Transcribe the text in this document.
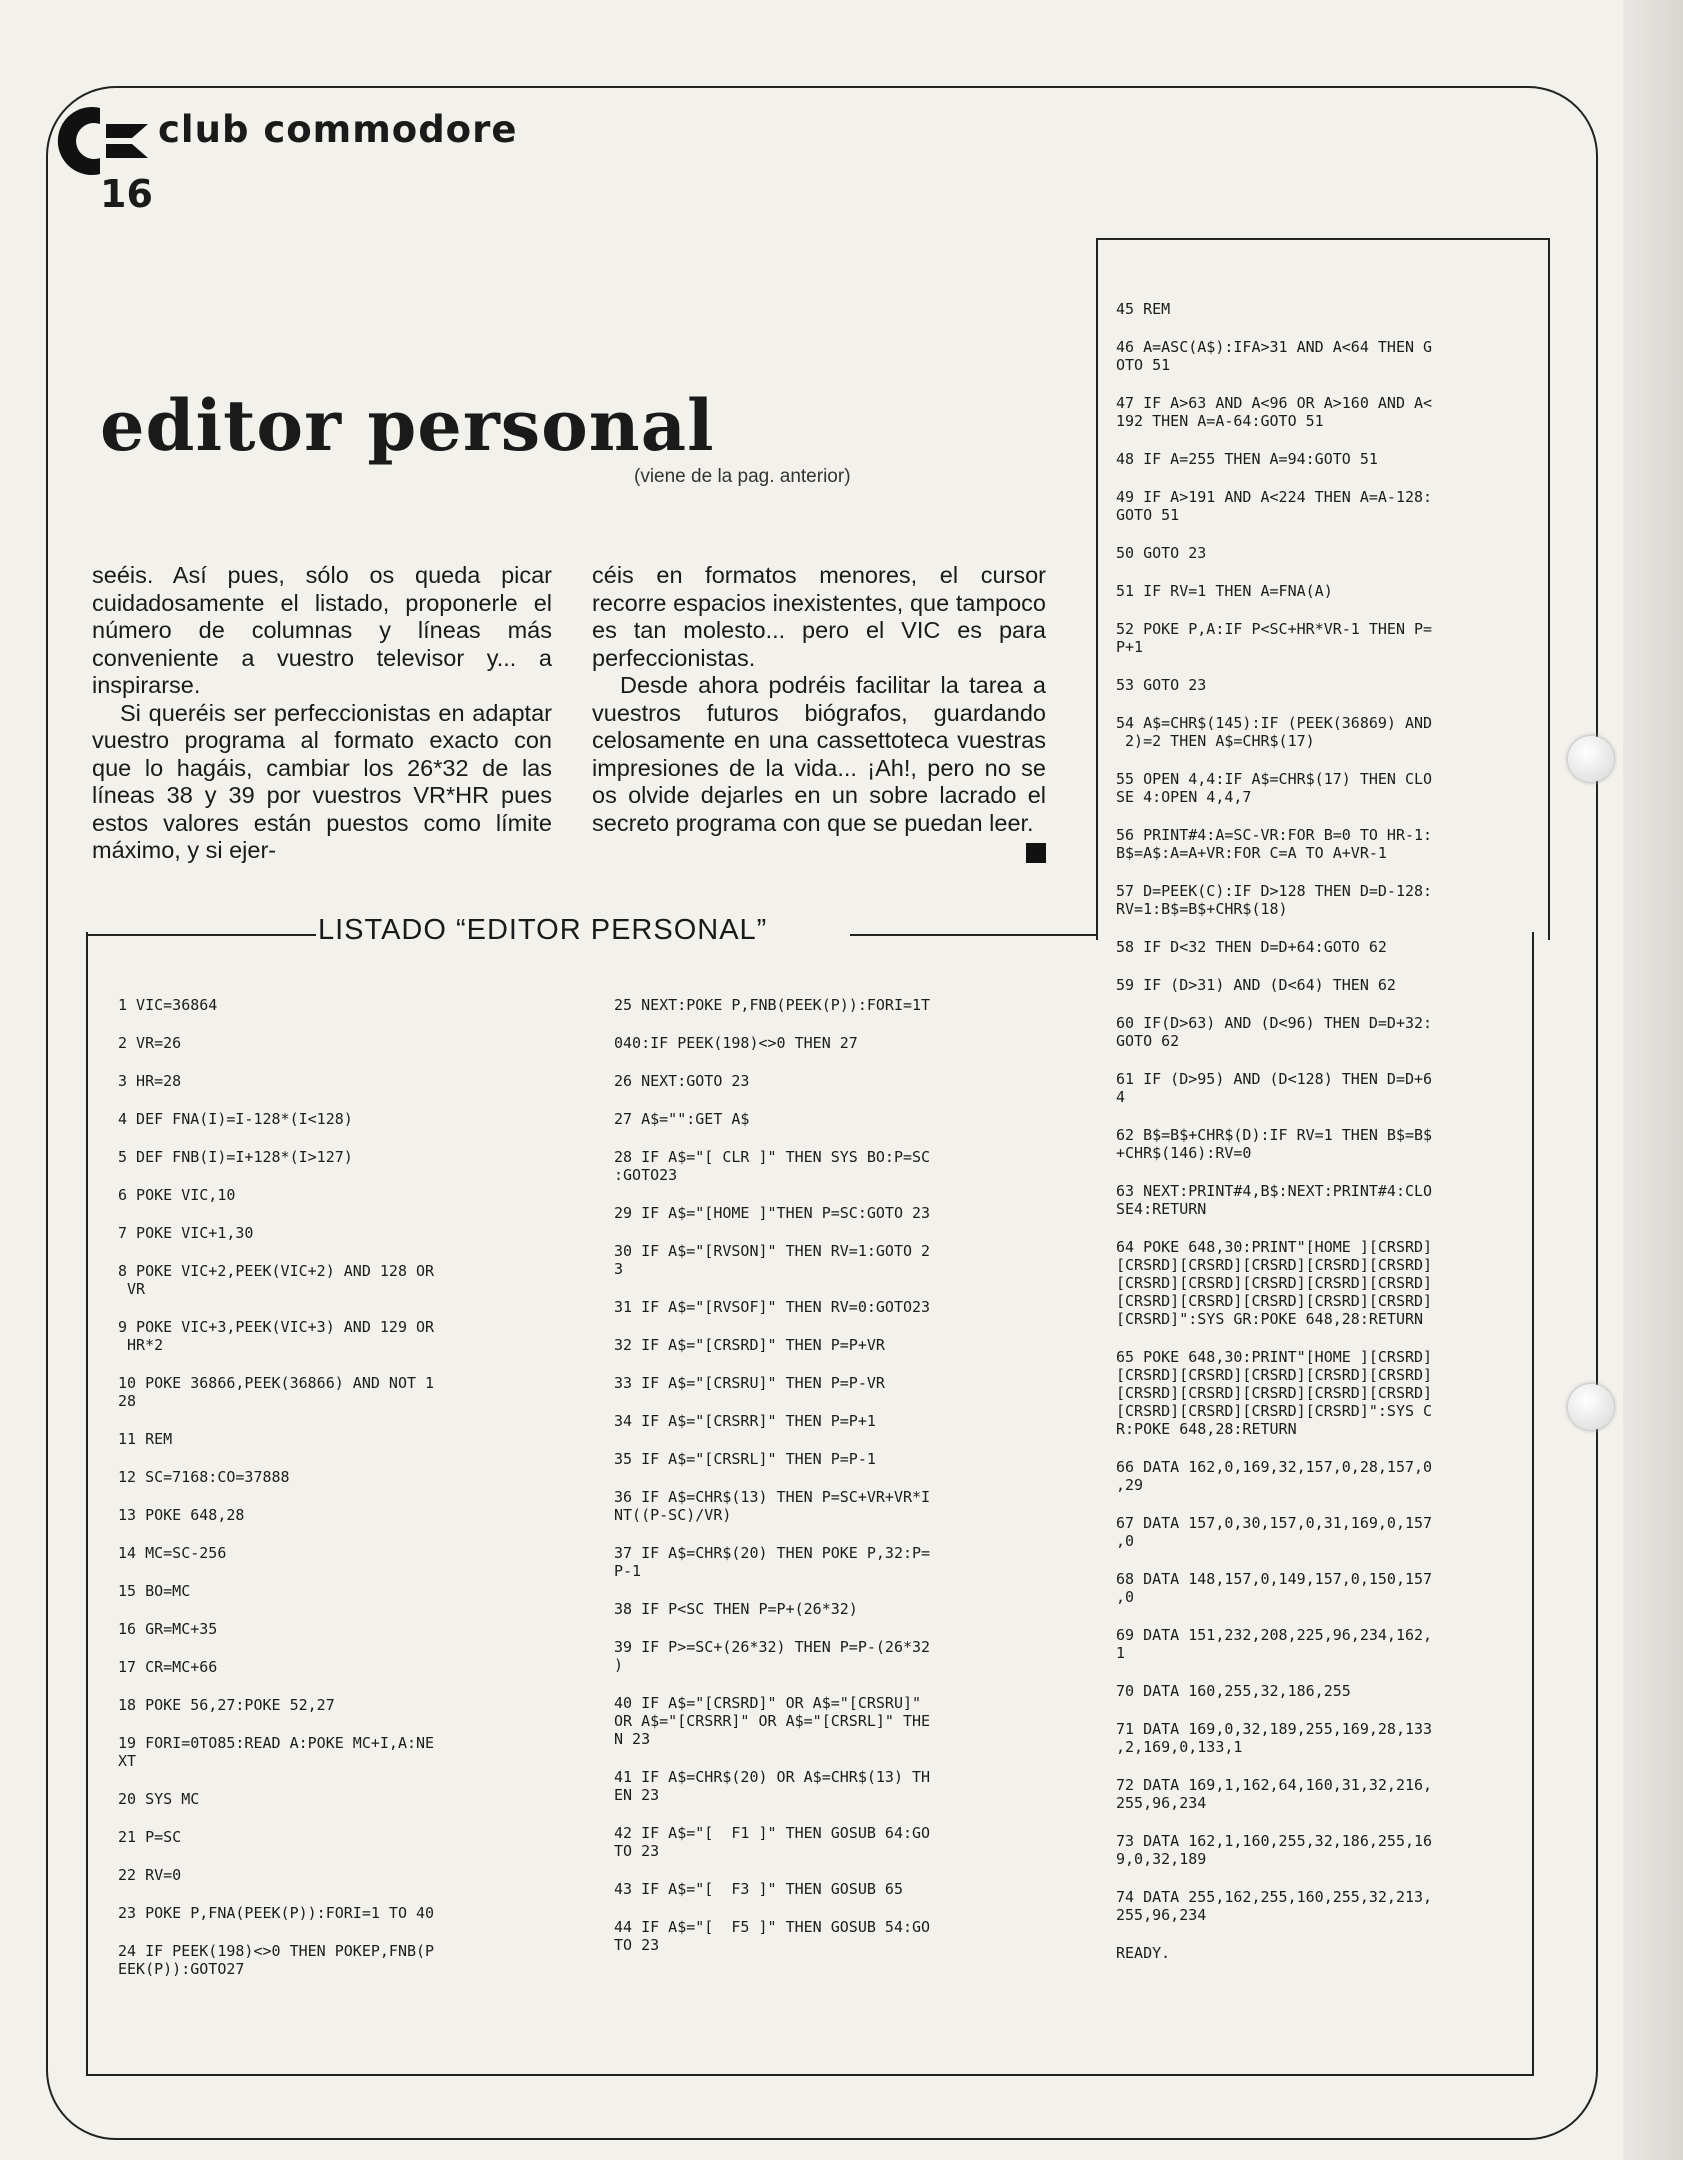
club commodore
16
editor personal
(viene de la pag. anterior)

seéis. Así pues, sólo os queda picar cuidadosamente el listado, proponerle el número de columnas y líneas más conveniente a vuestro televisor y... a inspirarse.

Si queréis ser perfeccionistas en adaptar vuestro programa al formato exacto con que lo hagáis, cambiar los 26*32 de las líneas 38 y 39 por vuestros VR*HR pues estos valores están puestos como límite máximo, y si ejer-

céis en formatos menores, el cursor recorre espacios inexistentes, que tampoco es tan molesto... pero el VIC es para perfeccionistas.

Desde ahora podréis facilitar la tarea a vuestros futuros biógrafos, guardando celosamente en una cassettoteca vuestras impresiones de la vida... ¡Ah!, pero no se os olvide dejarles en un sobre lacrado el secreto programa con que se puedan leer.

LISTADO “EDITOR PERSONAL”
1 VIC=36864
2 VR=26
3 HR=28
4 DEF FNA(I)=I-128*(I<128)
5 DEF FNB(I)=I+128*(I>127)
6 POKE VIC,10
7 POKE VIC+1,30
8 POKE VIC+2,PEEK(VIC+2) AND 128 OR
VR
9 POKE VIC+3,PEEK(VIC+3) AND 129 OR
HR*2
10 POKE 36866,PEEK(36866) AND NOT 1
28
11 REM
12 SC=7168:CO=37888
13 POKE 648,28
14 MC=SC-256
15 BO=MC
16 GR=MC+35
17 CR=MC+66
18 POKE 56,27:POKE 52,27
19 FORI=0TO85:READ A:POKE MC+I,A:NE
XT
20 SYS MC
21 P=SC
22 RV=0
23 POKE P,FNA(PEEK(P)):FORI=1 TO 40
24 IF PEEK(198)<>0 THEN POKEP,FNB(P
EEK(P)):GOTO27
25 NEXT:POKE P,FNB(PEEK(P)):FORI=1T
040:IF PEEK(198)<>0 THEN 27
26 NEXT:GOTO 23
27 A$="":GET A$
28 IF A$="[ CLR ]" THEN SYS BO:P=SC
:GOTO23
29 IF A$="[HOME ]"THEN P=SC:GOTO 23
30 IF A$="[RVSON]" THEN RV=1:GOTO 2
3
31 IF A$="[RVSOF]" THEN RV=0:GOTO23
32 IF A$="[CRSRD]" THEN P=P+VR
33 IF A$="[CRSRU]" THEN P=P-VR
34 IF A$="[CRSRR]" THEN P=P+1
35 IF A$="[CRSRL]" THEN P=P-1
36 IF A$=CHR$(13) THEN P=SC+VR+VR*I
NT((P-SC)/VR)
37 IF A$=CHR$(20) THEN POKE P,32:P=
P-1
38 IF P<SC THEN P=P+(26*32)
39 IF P>=SC+(26*32) THEN P=P-(26*32
)
40 IF A$="[CRSRD]" OR A$="[CRSRU]"
OR A$="[CRSRR]" OR A$="[CRSRL]" THE
N 23
41 IF A$=CHR$(20) OR A$=CHR$(13) TH
EN 23
42 IF A$="[  F1 ]" THEN GOSUB 64:GO
TO 23
43 IF A$="[  F3 ]" THEN GOSUB 65
44 IF A$="[  F5 ]" THEN GOSUB 54:GO
TO 23
45 REM
46 A=ASC(A$):IFA>31 AND A<64 THEN G
OTO 51
47 IF A>63 AND A<96 OR A>160 AND A<
192 THEN A=A-64:GOTO 51
48 IF A=255 THEN A=94:GOTO 51
49 IF A>191 AND A<224 THEN A=A-128:
GOTO 51
50 GOTO 23
51 IF RV=1 THEN A=FNA(A)
52 POKE P,A:IF P<SC+HR*VR-1 THEN P=
P+1
53 GOTO 23
54 A$=CHR$(145):IF (PEEK(36869) AND
2)=2 THEN A$=CHR$(17)
55 OPEN 4,4:IF A$=CHR$(17) THEN CLO
SE 4:OPEN 4,4,7
56 PRINT#4:A=SC-VR:FOR B=0 TO HR-1:
B$=A$:A=A+VR:FOR C=A TO A+VR-1
57 D=PEEK(C):IF D>128 THEN D=D-128:
RV=1:B$=B$+CHR$(18)
58 IF D<32 THEN D=D+64:GOTO 62
59 IF (D>31) AND (D<64) THEN 62
60 IF(D>63) AND (D<96) THEN D=D+32:
GOTO 62
61 IF (D>95) AND (D<128) THEN D=D+6
4
62 B$=B$+CHR$(D):IF RV=1 THEN B$=B$
+CHR$(146):RV=0
63 NEXT:PRINT#4,B$:NEXT:PRINT#4:CLO
SE4:RETURN
64 POKE 648,30:PRINT"[HOME ][CRSRD]
[CRSRD][CRSRD][CRSRD][CRSRD][CRSRD]
[CRSRD][CRSRD][CRSRD][CRSRD][CRSRD]
[CRSRD][CRSRD][CRSRD][CRSRD][CRSRD]
[CRSRD]":SYS GR:POKE 648,28:RETURN
65 POKE 648,30:PRINT"[HOME ][CRSRD]
[CRSRD][CRSRD][CRSRD][CRSRD][CRSRD]
[CRSRD][CRSRD][CRSRD][CRSRD][CRSRD]
[CRSRD][CRSRD][CRSRD][CRSRD]":SYS C
R:POKE 648,28:RETURN
66 DATA 162,0,169,32,157,0,28,157,0
,29
67 DATA 157,0,30,157,0,31,169,0,157
,0
68 DATA 148,157,0,149,157,0,150,157
,0
69 DATA 151,232,208,225,96,234,162,
1
70 DATA 160,255,32,186,255
71 DATA 169,0,32,189,255,169,28,133
,2,169,0,133,1
72 DATA 169,1,162,64,160,31,32,216,
255,96,234
73 DATA 162,1,160,255,32,186,255,16
9,0,32,189
74 DATA 255,162,255,160,255,32,213,
255,96,234
READY.
